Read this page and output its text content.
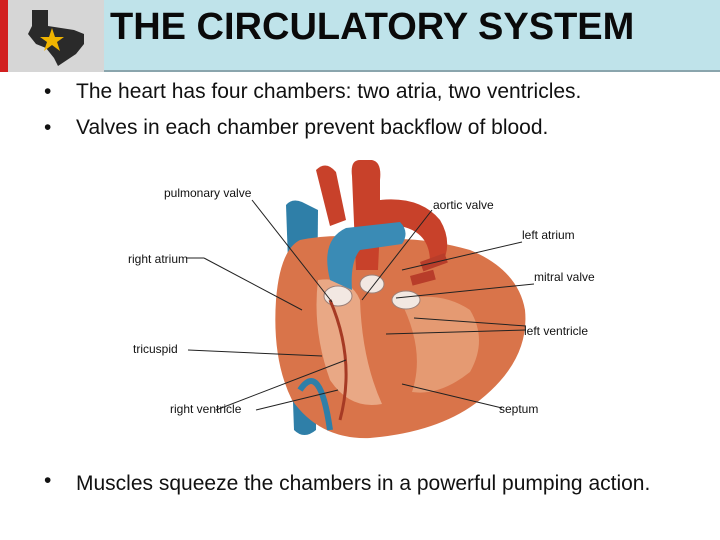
THE CIRCULATORY SYSTEM
• The heart has four chambers: two atria, two ventricles.
• Valves in each chamber prevent backflow of blood.
pulmonary valve
aortic valve
left atrium
right atrium
mitral valve
left ventricle
tricuspid
right ventricle	septum
• Muscles squeeze the chambers in a powerful pumping action.
